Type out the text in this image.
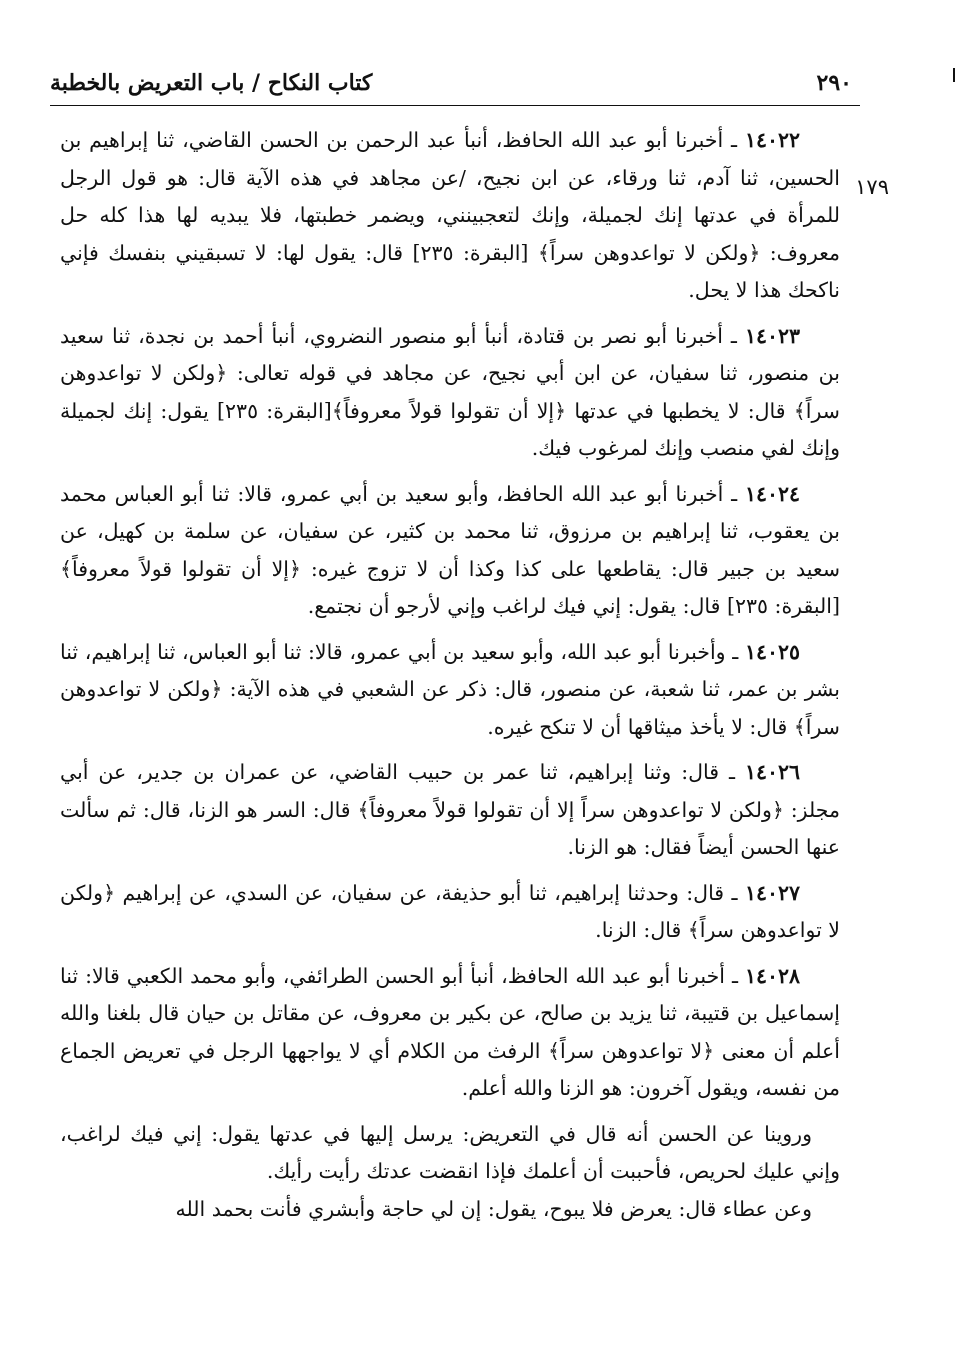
٢٩٠
كتاب النكاح / باب التعريض بالخطبة
١٧٩

١٤٠٢٢ ـ أخبرنا أبو عبد الله الحافظ، أنبأ عبد الرحمن بن الحسن القاضي، ثنا إبراهيم بن الحسين، ثنا آدم، ثنا ورقاء، عن ابن نجيح، /عن مجاهد في هذه الآية قال: هو قول الرجل للمرأة في عدتها إنك لجميلة، وإنك لتعجبينني، ويضمر خطبتها، فلا يبديه لها هذا كله حل معروف: ﴿ولكن لا تواعدوهن سراً﴾ [البقرة: ٢٣٥] قال: يقول لها: لا تسبقيني بنفسك فإني ناكحك هذا لا يحل.

١٤٠٢٣ ـ أخبرنا أبو نصر بن قتادة، أنبأ أبو منصور النضروي، أنبأ أحمد بن نجدة، ثنا سعيد بن منصور، ثنا سفيان، عن ابن أبي نجيح، عن مجاهد في قوله تعالى: ﴿ولكن لا تواعدوهن سراً﴾ قال: لا يخطبها في عدتها ﴿إلا أن تقولوا قولاً معروفاً﴾[البقرة: ٢٣٥] يقول: إنك لجميلة وإنك لفي منصب وإنك لمرغوب فيك.

١٤٠٢٤ ـ أخبرنا أبو عبد الله الحافظ، وأبو سعيد بن أبي عمرو، قالا: ثنا أبو العباس محمد بن يعقوب، ثنا إبراهيم بن مرزوق، ثنا محمد بن كثير، عن سفيان، عن سلمة بن كهيل، عن سعيد بن جبير قال: يقاطعها على كذا وكذا أن لا تزوج غيره: ﴿إلا أن تقولوا قولاً معروفاً﴾ [البقرة: ٢٣٥] قال: يقول: إني فيك لراغب وإني لأرجو أن نجتمع.

١٤٠٢٥ ـ وأخبرنا أبو عبد الله، وأبو سعيد بن أبي عمرو، قالا: ثنا أبو العباس، ثنا إبراهيم، ثنا بشر بن عمر، ثنا شعبة، عن منصور، قال: ذكر عن الشعبي في هذه الآية: ﴿ولكن لا تواعدوهن سراً﴾ قال: لا يأخذ ميثاقها أن لا تنكح غيره.

١٤٠٢٦ ـ قال: وثنا إبراهيم، ثنا عمر بن حبيب القاضي، عن عمران بن جدير، عن أبي مجلز: ﴿ولكن لا تواعدوهن سراً إلا أن تقولوا قولاً معروفاً﴾ قال: السر هو الزنا، قال: ثم سألت عنها الحسن أيضاً فقال: هو الزنا.

١٤٠٢٧ ـ قال: وحدثنا إبراهيم، ثنا أبو حذيفة، عن سفيان، عن السدي، عن إبراهيم ﴿ولكن لا تواعدوهن سراً﴾ قال: الزنا.

١٤٠٢٨ ـ أخبرنا أبو عبد الله الحافظ، أنبأ أبو الحسن الطرائفي، وأبو محمد الكعبي قالا: ثنا إسماعيل بن قتيبة، ثنا يزيد بن صالح، عن بكير بن معروف، عن مقاتل بن حيان قال بلغنا والله أعلم أن معنى ﴿لا تواعدوهن سراً﴾ الرفث من الكلام أي لا يواجهها الرجل في تعريض الجماع من نفسه، ويقول آخرون: هو الزنا والله أعلم.

وروينا عن الحسن أنه قال في التعريض: يرسل إليها في عدتها يقول: إني فيك لراغب، وإني عليك لحريص، فأحببت أن أعلمك فإذا انقضت عدتك رأيت رأيك.

وعن عطاء قال: يعرض فلا يبوح، يقول: إن لي حاجة وأبشري فأنت بحمد الله
